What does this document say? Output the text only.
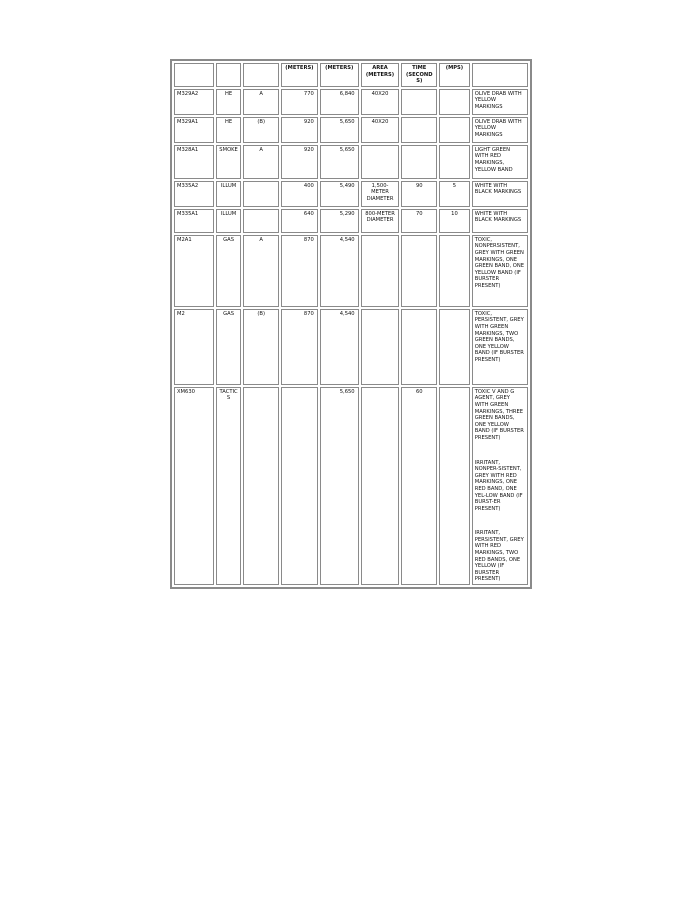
			(METERS)	(METERS)	AREA (METERS)	TIME (SECONDS)	(MPS)	
M329A2	HE	A	770	6,840	40X20			OLIVE DRAB WITH YELLOW MARKINGS

M329A1	HE	(B)	920	5,650	40X20			OLIVE DRAB WITH YELLOW MARKINGS

M328A1	SMOKE	A	920	5,650				LIGHT GREEN WITH RED MARKINGS, YELLOW BAND

M335A2	ILLUM		400	5,490	1,500-METER DIAMETER	90	5	WHITE WITH BLACK MARKINGS

M335A1	ILLUM		640	5,290	800-METER DIAMETER	70	10	WHITE WITH BLACK MARKINGS

M2A1	GAS	A	870	4,540				TOXIC, NONPERSISTENT, GREY WITH GREEN MARKINGS, ONE GREEN BAND, ONE YELLOW BAND (IF BURSTER PRESENT)

M2	GAS	(B)	870	4,540				TOXIC, PERSISTENT, GREY WITH GREEN MARKINGS, TWO GREEN BANDS, ONE YELLOW BAND (IF BURSTER PRESENT)

XM630	TACTICS			5,650		60		TOXIC V AND G AGENT, GREY WITH GREEN MARKINGS, THREE GREEN BANDS, ONE YELLOW BAND (IF BURSTER PRESENT)
IRRITANT, NONPER-SISTENT, GREY WITH RED MARKINGS, ONE RED BAND, ONE YEL-LOW BAND (IF BURST-ER PRESENT)
IRRITANT, PERSISTENT, GREY WITH RED MARKINGS, TWO RED BANDS, ONE YELLOW (IF BURSTER PRESENT)
